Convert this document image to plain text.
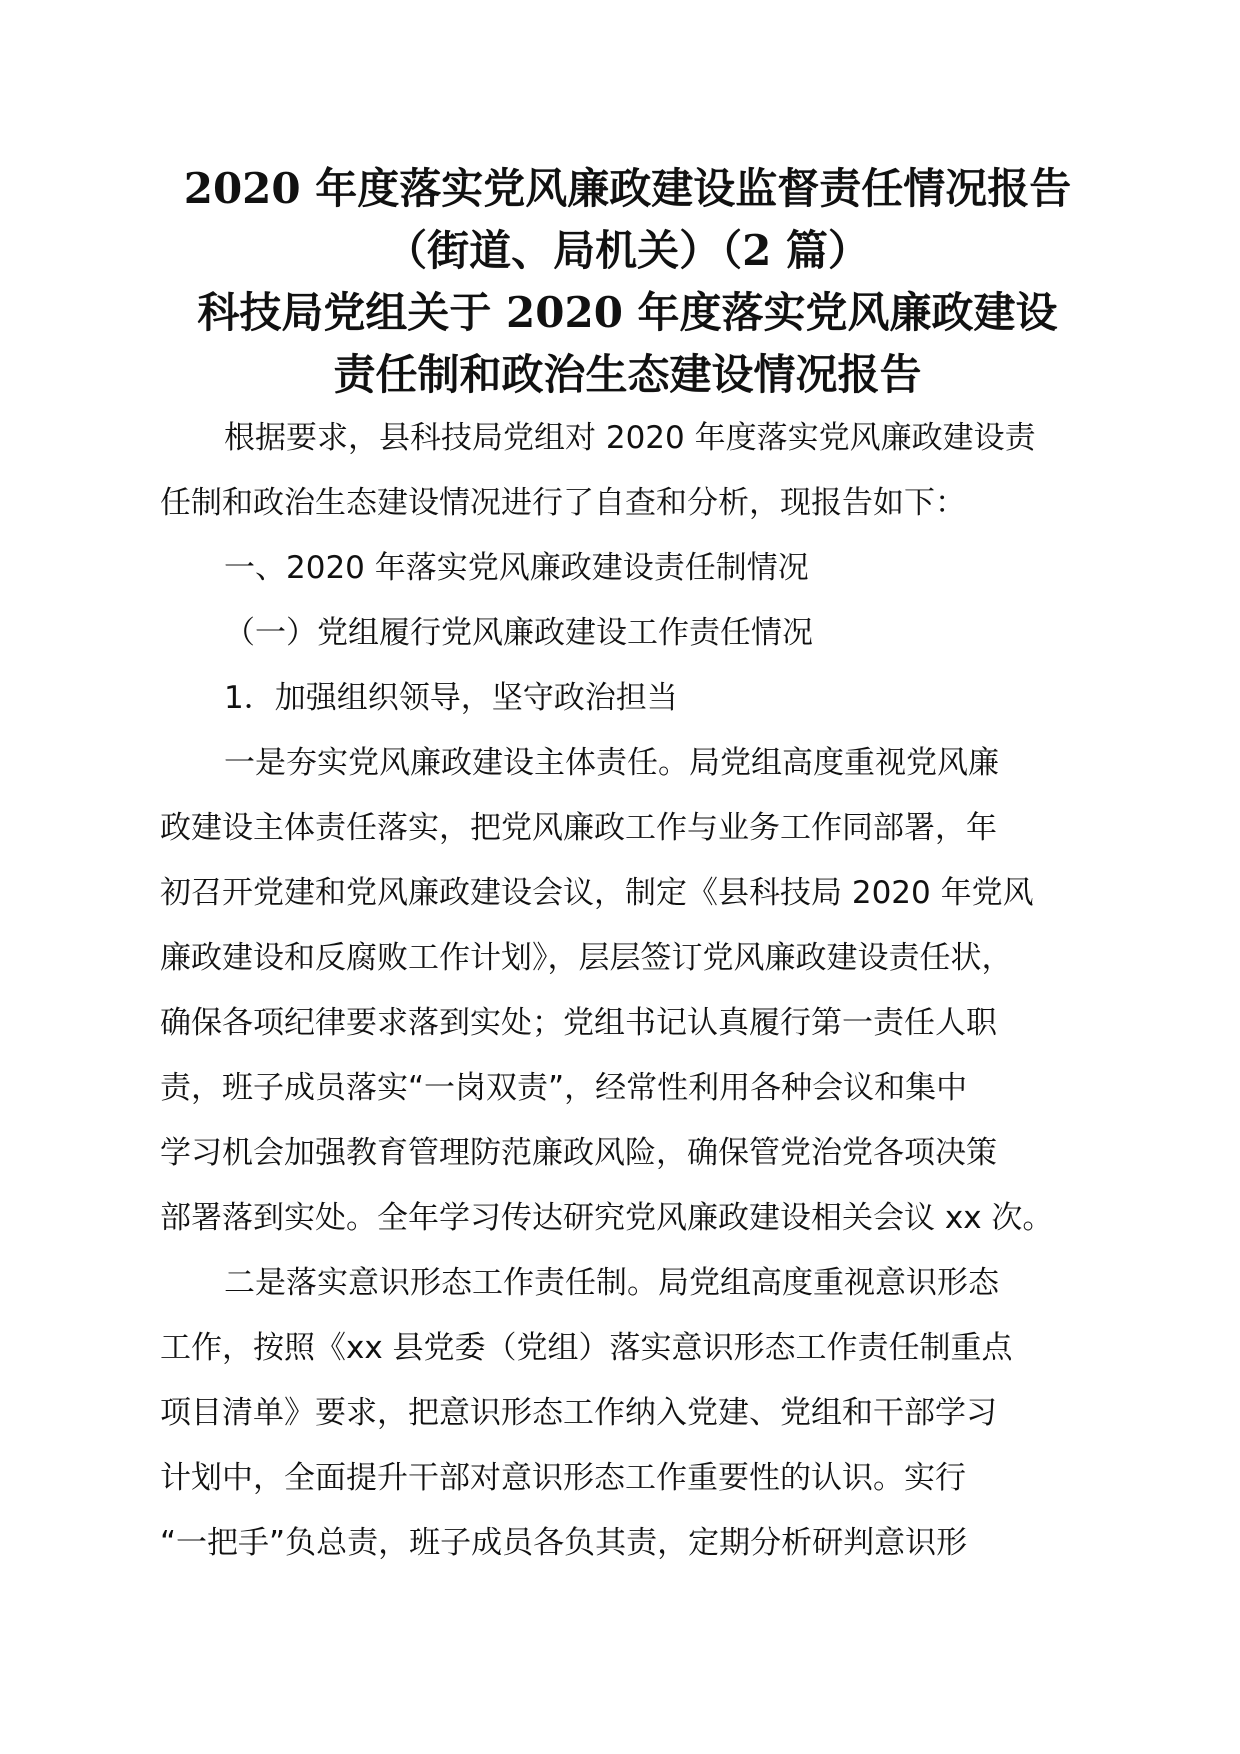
2020 年度落实党风廉政建设监督责任情况报告
（街道、局机关）（2 篇）
科技局党组关于 2020 年度落实党风廉政建设
责任制和政治生态建设情况报告

根据要求，县科技局党组对 2020 年度落实党风廉政建设责
任制和政治生态建设情况进行了自查和分析，现报告如下：

一、2020 年落实党风廉政建设责任制情况

（一）党组履行党风廉政建设工作责任情况

1．加强组织领导，坚守政治担当

一是夯实党风廉政建设主体责任。局党组高度重视党风廉
政建设主体责任落实，把党风廉政工作与业务工作同部署，年
初召开党建和党风廉政建设会议，制定《县科技局 2020 年党风
廉政建设和反腐败工作计划》，层层签订党风廉政建设责任状，
确保各项纪律要求落到实处；党组书记认真履行第一责任人职
责，班子成员落实“一岗双责”，经常性利用各种会议和集中
学习机会加强教育管理防范廉政风险，确保管党治党各项决策
部署落到实处。全年学习传达研究党风廉政建设相关会议 xx 次。

二是落实意识形态工作责任制。局党组高度重视意识形态
工作，按照《xx 县党委（党组）落实意识形态工作责任制重点
项目清单》要求，把意识形态工作纳入党建、党组和干部学习
计划中，全面提升干部对意识形态工作重要性的认识。实行
“一把手”负总责，班子成员各负其责，定期分析研判意识形
